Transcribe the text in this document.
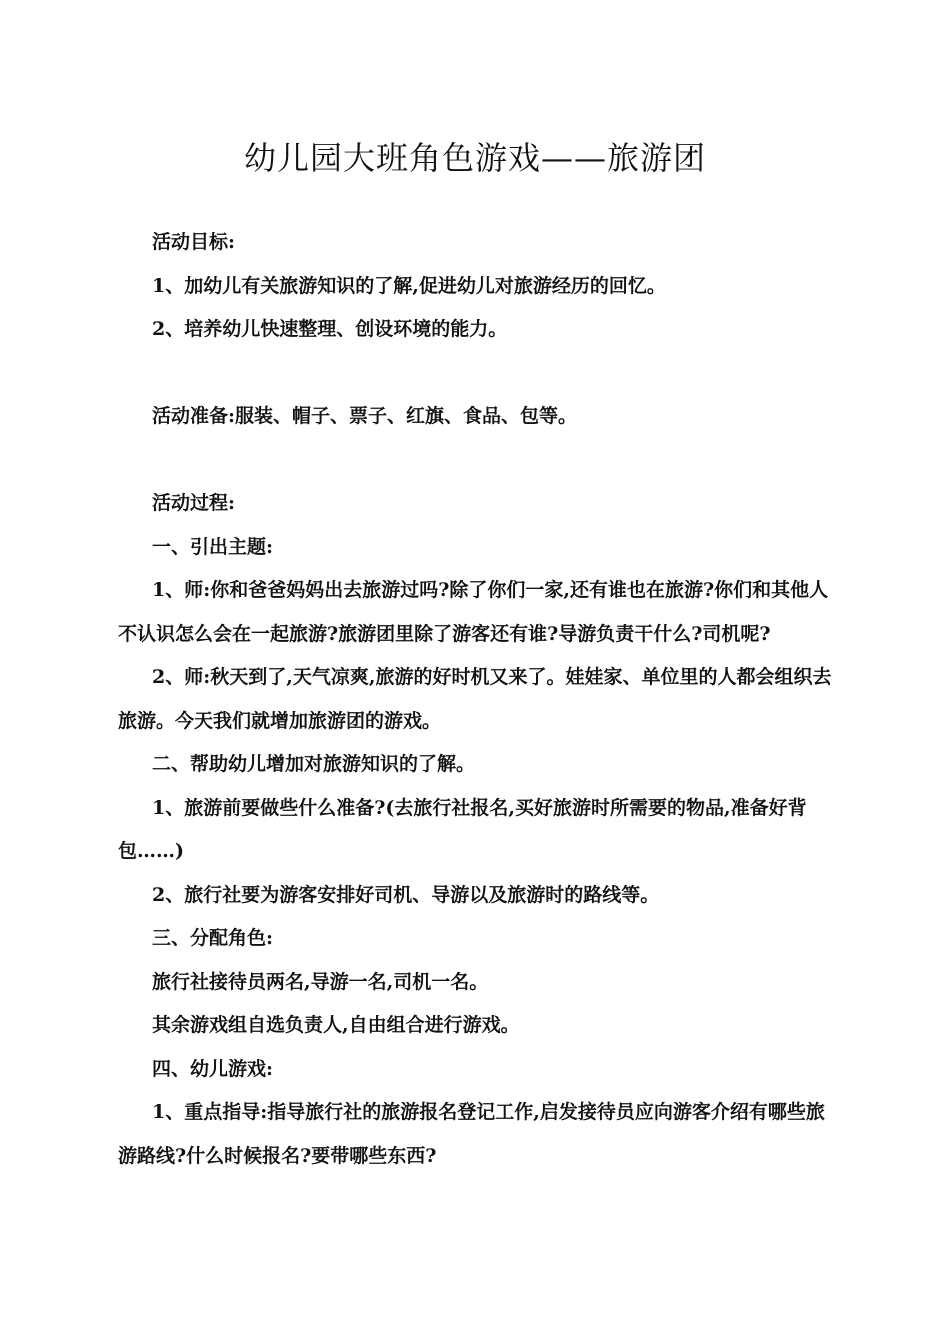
幼儿园大班角色游戏——旅游团

活动目标:

1、加幼儿有关旅游知识的了解,促进幼儿对旅游经历的回忆。

2、培养幼儿快速整理、创设环境的能力。

活动准备:服装、帽子、票子、红旗、食品、包等。

活动过程:

一、引出主题:

1、师:你和爸爸妈妈出去旅游过吗?除了你们一家,还有谁也在旅游?你们和其他人不认识怎么会在一起旅游?旅游团里除了游客还有谁?导游负责干什么?司机呢?

2、师:秋天到了,天气凉爽,旅游的好时机又来了。娃娃家、单位里的人都会组织去旅游。今天我们就增加旅游团的游戏。

二、帮助幼儿增加对旅游知识的了解。

1、旅游前要做些什么准备?(去旅行社报名,买好旅游时所需要的物品,准备好背包……)

2、旅行社要为游客安排好司机、导游以及旅游时的路线等。

三、分配角色:

旅行社接待员两名,导游一名,司机一名。

其余游戏组自选负责人,自由组合进行游戏。

四、幼儿游戏:

1、重点指导:指导旅行社的旅游报名登记工作,启发接待员应向游客介绍有哪些旅游路线?什么时候报名?要带哪些东西?
